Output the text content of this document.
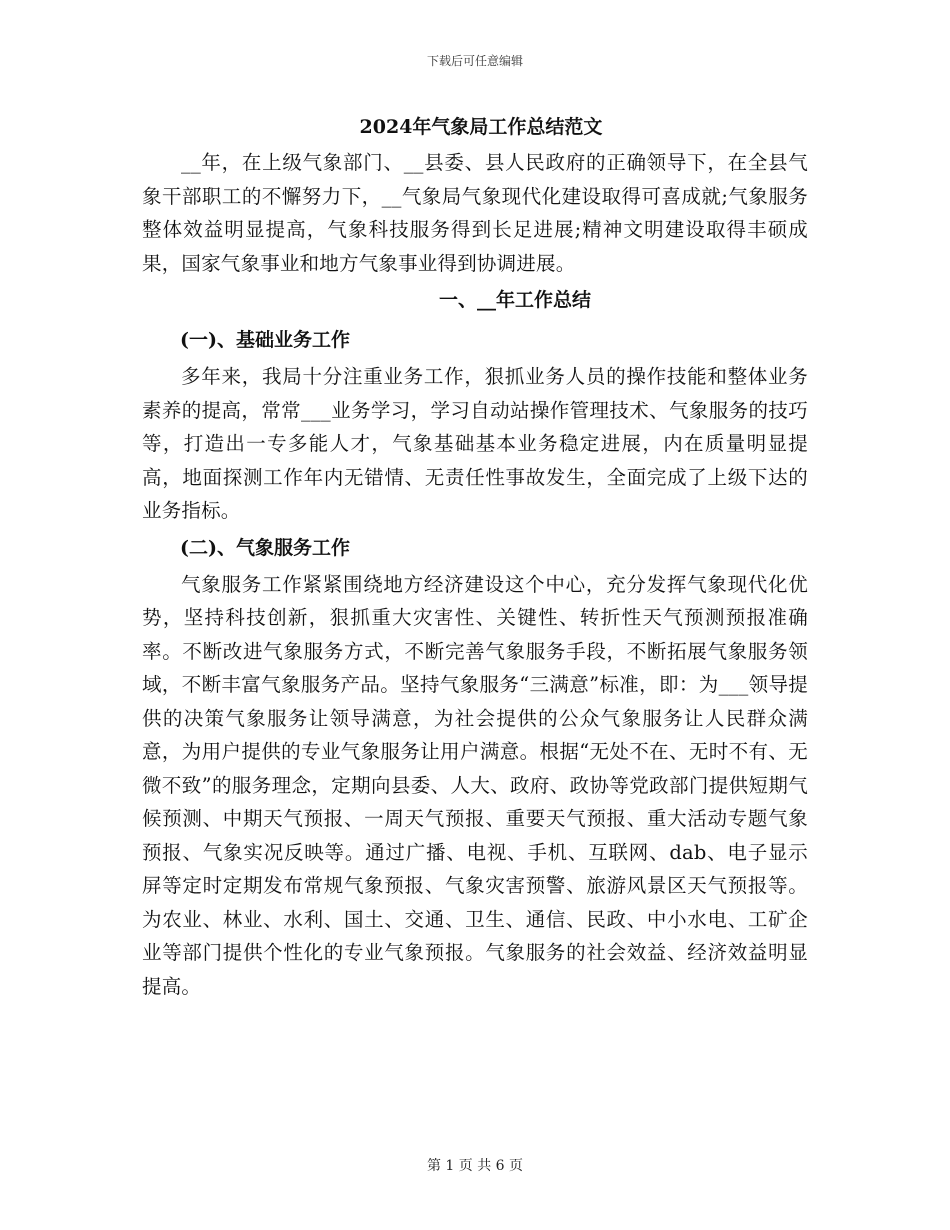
下载后可任意编辑
2024年气象局工作总结范文

__年，在上级气象部门、__县委、县人民政府的正确领导下，在全县气象干部职工的不懈努力下，__气象局气象现代化建设取得可喜成就;气象服务整体效益明显提高，气象科技服务得到长足进展;精神文明建设取得丰硕成果，国家气象事业和地方气象事业得到协调进展。

一、__年工作总结
(一)、基础业务工作

多年来，我局十分注重业务工作，狠抓业务人员的操作技能和整体业务素养的提高，常常___业务学习，学习自动站操作管理技术、气象服务的技巧等，打造出一专多能人才，气象基础基本业务稳定进展，内在质量明显提高，地面探测工作年内无错情、无责任性事故发生，全面完成了上级下达的业务指标。

(二)、气象服务工作

气象服务工作紧紧围绕地方经济建设这个中心，充分发挥气象现代化优势，坚持科技创新，狠抓重大灾害性、关键性、转折性天气预测预报准确率。不断改进气象服务方式，不断完善气象服务手段，不断拓展气象服务领域，不断丰富气象服务产品。坚持气象服务“三满意”标准，即：为___领导提供的决策气象服务让领导满意，为社会提供的公众气象服务让人民群众满意，为用户提供的专业气象服务让用户满意。根据“无处不在、无时不有、无微不致”的服务理念，定期向县委、人大、政府、政协等党政部门提供短期气候预测、中期天气预报、一周天气预报、重要天气预报、重大活动专题气象预报、气象实况反映等。通过广播、电视、手机、互联网、dab、电子显示屏等定时定期发布常规气象预报、气象灾害预警、旅游风景区天气预报等。为农业、林业、水利、国土、交通、卫生、通信、民政、中小水电、工矿企业等部门提供个性化的专业气象预报。气象服务的社会效益、经济效益明显提高。

第 1 页 共 6 页
